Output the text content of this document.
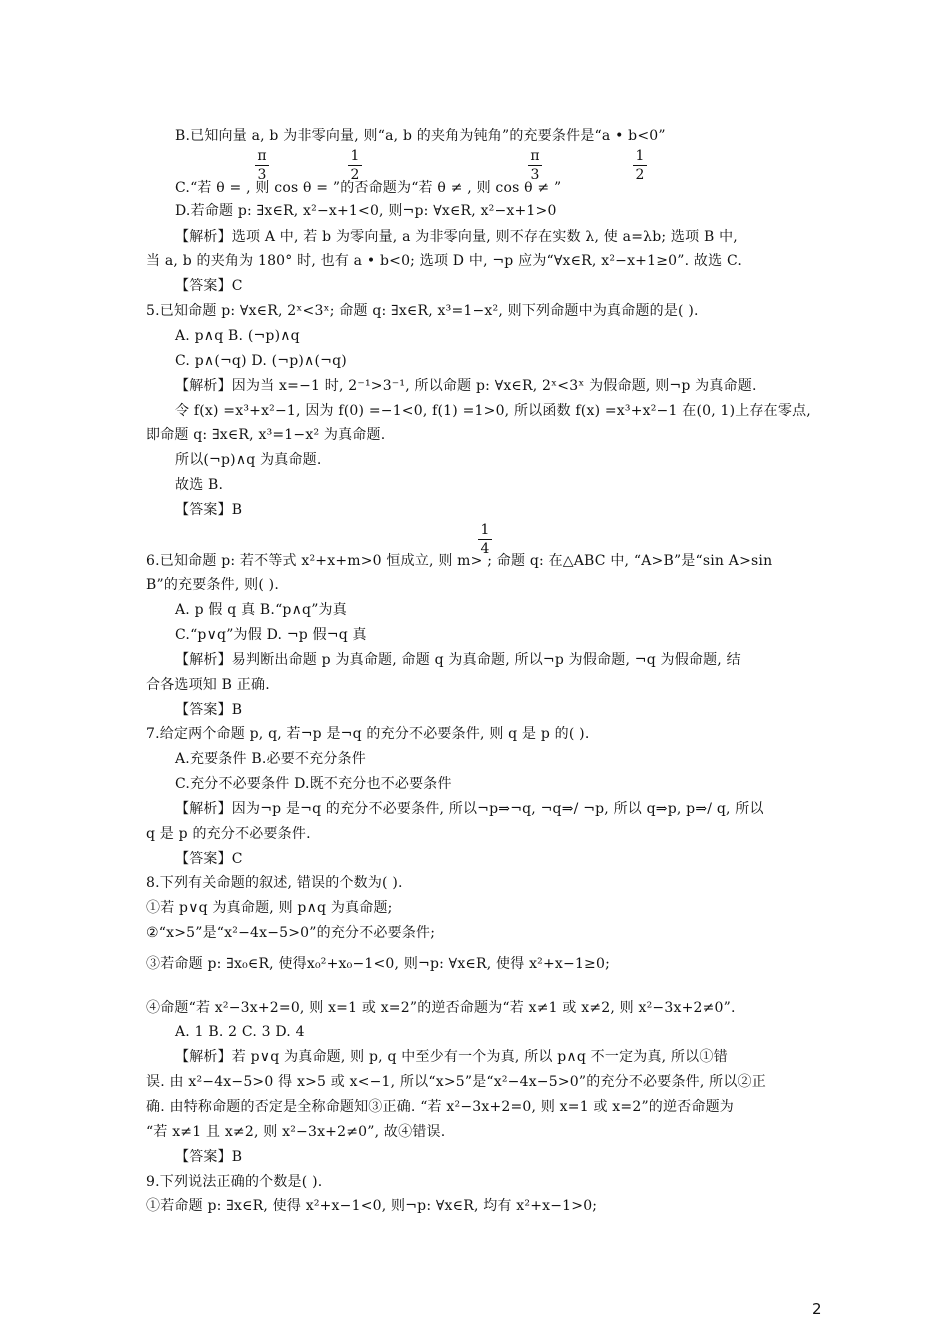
B.已知向量 a, b 为非零向量, 则“a, b 的夹角为钝角”的充要条件是“a • b<0”
C.“若 θ = , 则 cos θ = ”的否命题为“若 θ ≠ , 则 cos θ ≠ ”
π
3
1
2
π
3
1
2
D.若命题 p: ∃x∈R, x²−x+1<0, 则¬p: ∀x∈R, x²−x+1>0
【解析】选项 A 中, 若 b 为零向量, a 为非零向量, 则不存在实数 λ, 使 a=λb; 选项 B 中,
当 a, b 的夹角为 180° 时, 也有 a • b<0; 选项 D 中, ¬p 应为“∀x∈R, x²−x+1≥0”. 故选 C.
【答案】C
5.已知命题 p: ∀x∈R, 2ˣ<3ˣ; 命题 q: ∃x∈R, x³=1−x², 则下列命题中为真命题的是( ).
A. p∧q B. (¬p)∧q
C. p∧(¬q) D. (¬p)∧(¬q)
【解析】因为当 x=−1 时, 2⁻¹>3⁻¹, 所以命题 p: ∀x∈R, 2ˣ<3ˣ 为假命题, 则¬p 为真命题.
令 f(x) =x³+x²−1, 因为 f(0) =−1<0, f(1) =1>0, 所以函数 f(x) =x³+x²−1 在(0, 1)上存在零点,
即命题 q: ∃x∈R, x³=1−x² 为真命题.
所以(¬p)∧q 为真命题.
故选 B.
【答案】B
1
4
6.已知命题 p: 若不等式 x²+x+m>0 恒成立, 则 m> ; 命题 q: 在△ABC 中, “A>B”是“sin A>sin
B”的充要条件, 则( ).
A. p 假 q 真 B.“p∧q”为真
C.“p∨q”为假 D. ¬p 假¬q 真
【解析】易判断出命题 p 为真命题, 命题 q 为真命题, 所以¬p 为假命题, ¬q 为假命题, 结
合各选项知 B 正确.
【答案】B
7.给定两个命题 p, q, 若¬p 是¬q 的充分不必要条件, 则 q 是 p 的( ).
A.充要条件 B.必要不充分条件
C.充分不必要条件 D.既不充分也不必要条件
【解析】因为¬p 是¬q 的充分不必要条件, 所以¬p⇒¬q, ¬q⇒/ ¬p, 所以 q⇒p, p⇒/ q, 所以
q 是 p 的充分不必要条件.
【答案】C
8.下列有关命题的叙述, 错误的个数为( ).
①若 p∨q 为真命题, 则 p∧q 为真命题;
②“x>5”是“x²−4x−5>0”的充分不必要条件;
③若命题 p: ∃x₀∈R, 使得x₀²+x₀−1<0, 则¬p: ∀x∈R, 使得 x²+x−1≥0;
④命题“若 x²−3x+2=0, 则 x=1 或 x=2”的逆否命题为“若 x≠1 或 x≠2, 则 x²−3x+2≠0”.
A. 1 B. 2 C. 3 D. 4
【解析】若 p∨q 为真命题, 则 p, q 中至少有一个为真, 所以 p∧q 不一定为真, 所以①错
误. 由 x²−4x−5>0 得 x>5 或 x<−1, 所以“x>5”是“x²−4x−5>0”的充分不必要条件, 所以②正
确. 由特称命题的否定是全称命题知③正确. “若 x²−3x+2=0, 则 x=1 或 x=2”的逆否命题为
“若 x≠1 且 x≠2, 则 x²−3x+2≠0”, 故④错误.
【答案】B
9.下列说法正确的个数是( ).
①若命题 p: ∃x∈R, 使得 x²+x−1<0, 则¬p: ∀x∈R, 均有 x²+x−1>0;
2
